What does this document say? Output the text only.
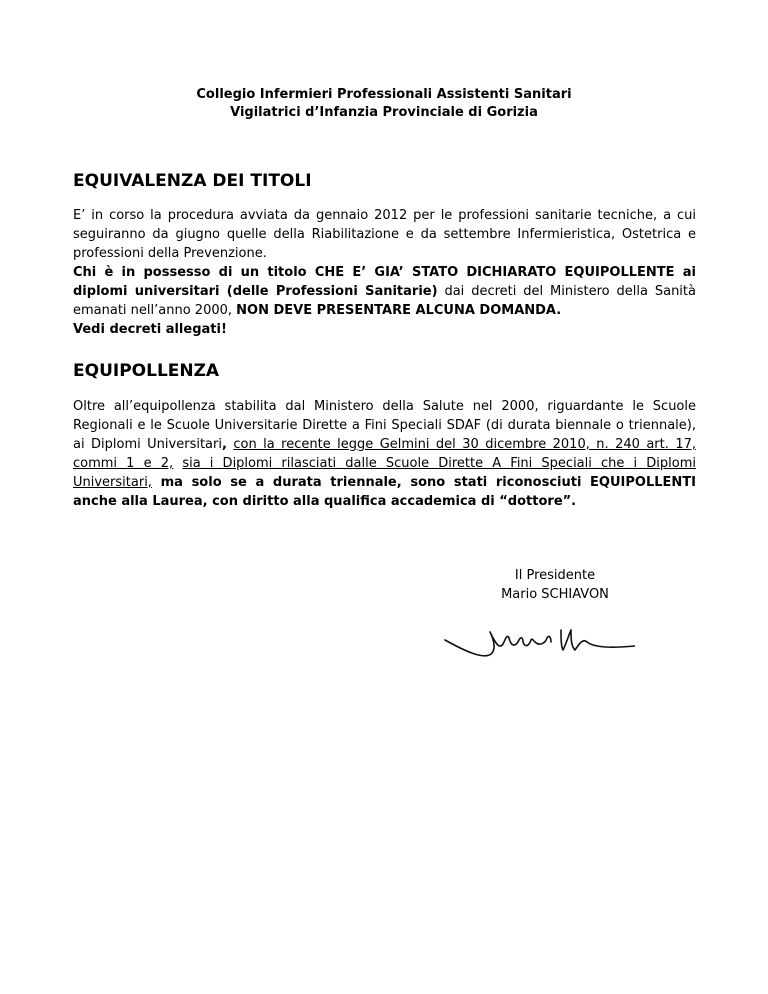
Collegio Infermieri Professionali Assistenti Sanitari
Vigilatrici d’Infanzia Provinciale di Gorizia
EQUIVALENZA DEI TITOLI

E’ in corso la procedura avviata da gennaio 2012 per le professioni sanitarie tecniche, a cui seguiranno da giugno quelle della Riabilitazione e da settembre Infermieristica, Ostetrica e professioni della Prevenzione.
Chi è in possesso di un titolo CHE E’ GIA’ STATO DICHIARATO EQUIPOLLENTE ai diplomi universitari (delle Professioni Sanitarie) dai decreti del Ministero della Sanità emanati nell’anno 2000, NON DEVE PRESENTARE ALCUNA DOMANDA.
Vedi decreti allegati!

EQUIPOLLENZA

Oltre all’equipollenza stabilita dal Ministero della Salute nel 2000, riguardante le Scuole Regionali e le Scuole Universitarie Dirette a Fini Speciali SDAF (di durata biennale o triennale), ai Diplomi Universitari, con la recente legge Gelmini del 30 dicembre 2010, n. 240 art. 17, commi 1 e 2, sia i Diplomi rilasciati dalle Scuole Dirette A Fini Speciali che i Diplomi Universitari, ma solo se a durata triennale, sono stati riconosciuti EQUIPOLLENTI anche alla Laurea, con diritto alla qualifica accademica di “dottore”.

Il Presidente
Mario SCHIAVON
